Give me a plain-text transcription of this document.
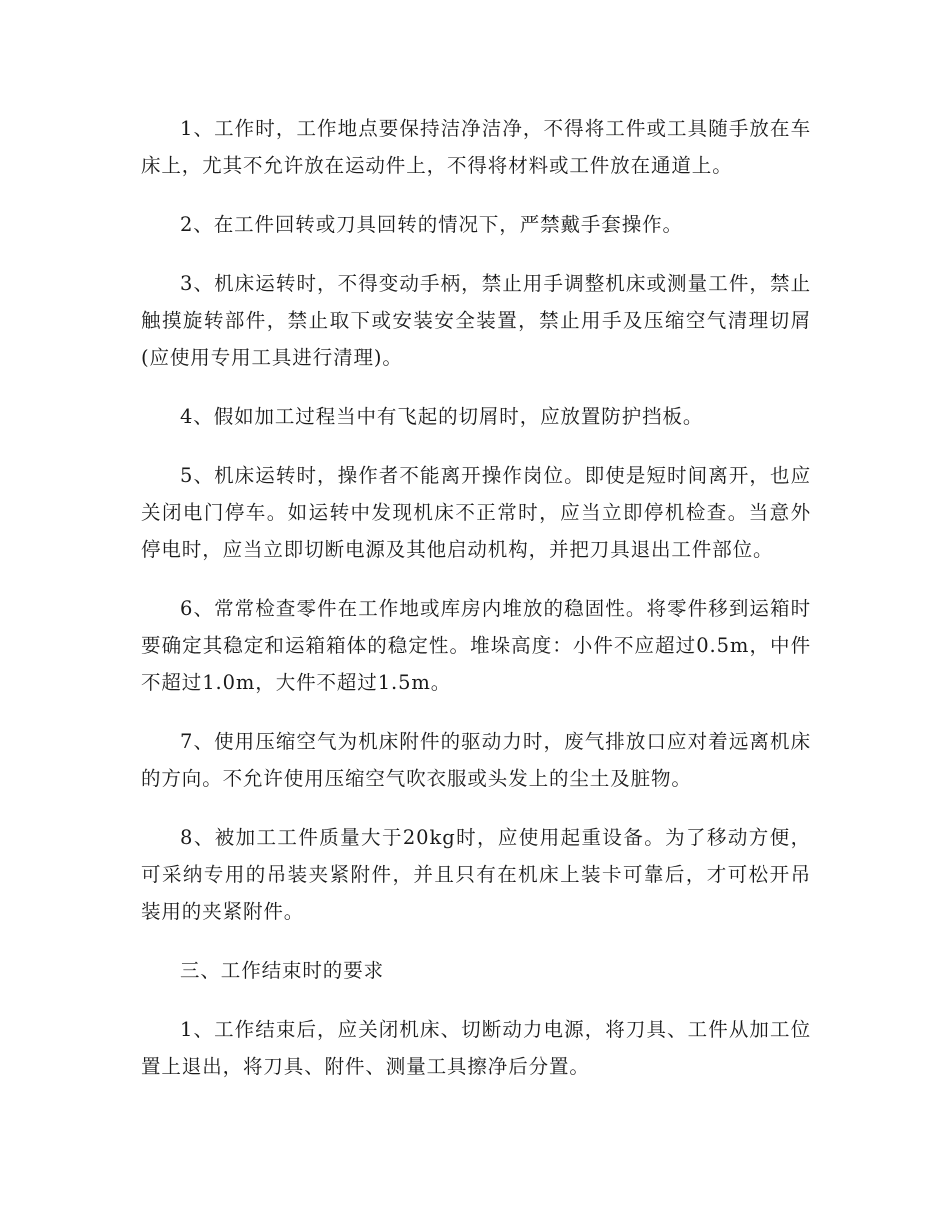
1、工作时，工作地点要保持洁净洁净，不得将工件或工具随手放在车床上，尤其不允许放在运动件上，不得将材料或工件放在通道上。

2、在工件回转或刀具回转的情况下，严禁戴手套操作。

3、机床运转时，不得变动手柄，禁止用手调整机床或测量工件，禁止触摸旋转部件，禁止取下或安装安全装置，禁止用手及压缩空气清理切屑(应使用专用工具进行清理)。

4、假如加工过程当中有飞起的切屑时，应放置防护挡板。

5、机床运转时，操作者不能离开操作岗位。即使是短时间离开，也应关闭电门停车。如运转中发现机床不正常时，应当立即停机检查。当意外停电时，应当立即切断电源及其他启动机构，并把刀具退出工件部位。

6、常常检查零件在工作地或库房内堆放的稳固性。将零件移到运箱时要确定其稳定和运箱箱体的稳定性。堆垛高度：小件不应超过0.5m，中件不超过1.0m，大件不超过1.5m。

7、使用压缩空气为机床附件的驱动力时，废气排放口应对着远离机床的方向。不允许使用压缩空气吹衣服或头发上的尘土及脏物。

8、被加工工件质量大于20kg时，应使用起重设备。为了移动方便，可采纳专用的吊装夹紧附件，并且只有在机床上装卡可靠后，才可松开吊装用的夹紧附件。

三、工作结束时的要求

1、工作结束后，应关闭机床、切断动力电源，将刀具、工件从加工位置上退出，将刀具、附件、测量工具擦净后分置。
